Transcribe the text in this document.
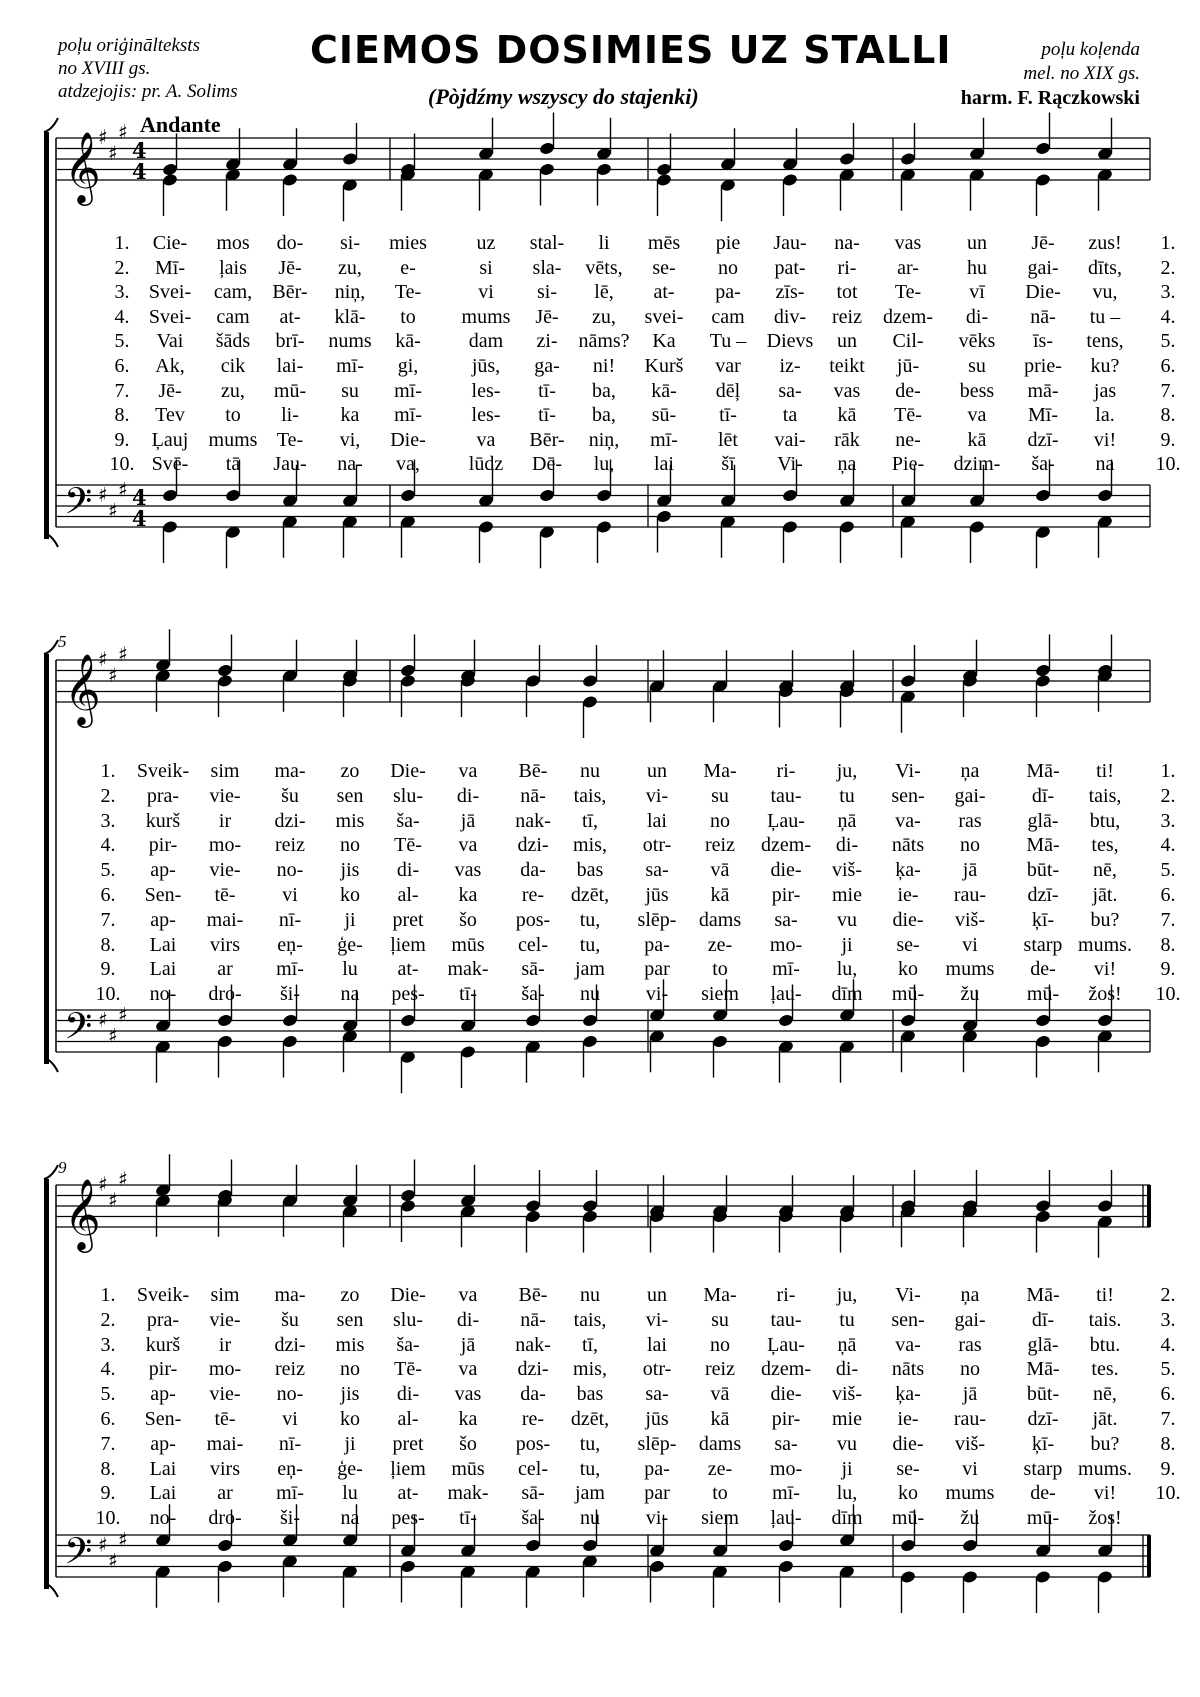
poļu oriģinālteksts
no XVIII gs.
atdzejojis: pr. A. Solims
CIEMOS DOSIMIES UZ STALLI
(Pòjdźmy wszyscy do stajenki)
poļu koļenda
mel. no XIX gs.
harm. F. Rączkowski
Andante
𝄞
𝄢
♯
♯
♯
♯
♯
♯
4
4
4
4
𝄞
𝄢
♯
♯
♯
♯
♯
♯
𝄞
𝄢
♯
♯
♯
♯
♯
♯
1. Cie- mos do- si- mies uz stal- li mēs pie Jau- na- vas un Jē- zus! 1.
2. Mī- ļais Jē- zu, e-	si sla- vēts, se- no pat- ri- ar- hu gai- dīts, 2.
3. Svei- cam, Bēr- niņ, Te-	vi si- lē, at- pa- zīs- tot Te- vī Die- vu, 3.
4. Svei- cam at- klā- to mums Jē- zu, svei- cam div- reiz dzem- di- nā- tu – 4.
5. Vai šāds brī- nums kā- dam zi- nāms? Ka Tu – Dievs un Cil- vēks īs- tens, 5.
6. Ak, cik lai- mī- gi,	jūs, ga- ni! Kurš var iz- teikt jū- su prie- ku? 6.
7. Jē- zu, mū- su mī- les- tī- ba, kā- dēļ sa- vas de- bess mā- jas 7.
8. Tev to li- ka mī- les- tī- ba, sū- tī- ta kā Tē- va Mī- la. 8.
9. Ļauj mums Te- vi, Die-	va Bēr- niņ, mī- lēt vai- rāk ne- kā dzī- vi! 9.
10. Svē- tā Jau- na- va, lūdz Dē- lu, lai šī Vi- ņa Pie- dzim- ša- na 10.
1. Sveik- sim ma- zo Die- va Bē- nu un Ma- ri- ju, Vi- ņa Mā- ti! 1.
2. pra- vie- šu sen slu- di- nā- tais, vi- su tau- tu sen- gai- dī- tais, 2.
3. kurš ir dzi- mis ša- jā nak- tī, lai no Ļau- ņā va- ras glā- btu, 3.
4. pir- mo- reiz no Tē- va dzi- mis, otr- reiz dzem- di- nāts no Mā- tes, 4.
5. ap- vie- no- jis di- vas da- bas sa- vā die- viš- ķa- jā būt- nē, 5.
6. Sen- tē- vi ko al- ka re- dzēt, jūs kā pir- mie ie- rau- dzī- jāt. 6.
7. ap- mai- nī- ji pret šo pos- tu, slēp- dams sa- vu die- viš- ķī- bu? 7.
8. Lai virs eņ- ģe- ļiem mūs cel- tu, pa- ze- mo- ji se- vi starp mums. 8.
9. Lai ar mī- lu at- mak- sā- jam par to mī- lu, ko mums de- vi! 9.
10. no- dro- ši- na pes- tī- ša- nu vi- siem ļau- dīm mū- žu mū- žos! 10.
1. Sveik- sim ma- zo Die- va Bē- nu un Ma- ri- ju, Vi- ņa Mā- ti! 2.
2. pra- vie- šu sen slu- di- nā- tais, vi- su tau- tu sen- gai- dī- tais. 3.
3. kurš ir dzi- mis ša- jā nak- tī, lai no Ļau- ņā va- ras glā- btu. 4.
4. pir- mo- reiz no Tē- va dzi- mis, otr- reiz dzem- di- nāts no Mā- tes. 5.
5. ap- vie- no- jis di- vas da- bas sa- vā die- viš- ķa- jā būt- nē, 6.
6. Sen- tē- vi ko al- ka re- dzēt, jūs kā pir- mie ie- rau- dzī- jāt. 7.
7. ap- mai- nī- ji pret šo pos- tu, slēp- dams sa- vu die- viš- ķī- bu? 8.
8. Lai virs eņ- ģe- ļiem mūs cel- tu, pa- ze- mo- ji se- vi starp mums. 9.
9. Lai ar mī- lu at- mak- sā- jam par to mī- lu, ko mums de- vi! 10.
10. no- dro- ši- na pes- tī- ša- nu vi- siem ļau- dīm mū- žu mū- žos!
5
9
